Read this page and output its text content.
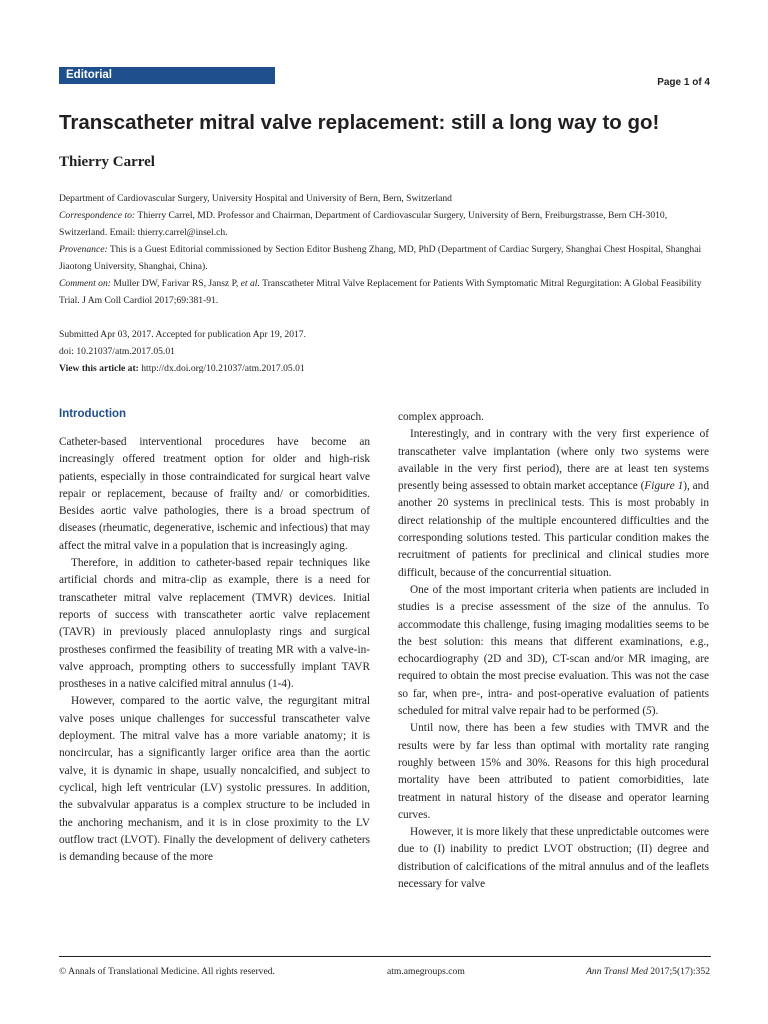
Editorial
Page 1 of 4
Transcatheter mitral valve replacement: still a long way to go!
Thierry Carrel
Department of Cardiovascular Surgery, University Hospital and University of Bern, Bern, Switzerland
Correspondence to: Thierry Carrel, MD. Professor and Chairman, Department of Cardiovascular Surgery, University of Bern, Freiburgstrasse, Bern CH-3010, Switzerland. Email: thierry.carrel@insel.ch.
Provenance: This is a Guest Editorial commissioned by Section Editor Busheng Zhang, MD, PhD (Department of Cardiac Surgery, Shanghai Chest Hospital, Shanghai Jiaotong University, Shanghai, China).
Comment on: Muller DW, Farivar RS, Jansz P, et al. Transcatheter Mitral Valve Replacement for Patients With Symptomatic Mitral Regurgitation: A Global Feasibility Trial. J Am Coll Cardiol 2017;69:381-91.
Submitted Apr 03, 2017. Accepted for publication Apr 19, 2017.
doi: 10.21037/atm.2017.05.01
View this article at: http://dx.doi.org/10.21037/atm.2017.05.01
Introduction

Catheter-based interventional procedures have become an increasingly offered treatment option for older and high-risk patients, especially in those contraindicated for surgical heart valve repair or replacement, because of frailty and/ or comorbidities. Besides aortic valve pathologies, there is a broad spectrum of diseases (rheumatic, degenerative, ischemic and infectious) that may affect the mitral valve in a population that is increasingly aging.

Therefore, in addition to catheter-based repair techniques like artificial chords and mitra-clip as example, there is a need for transcatheter mitral valve replacement (TMVR) devices. Initial reports of success with transcatheter aortic valve replacement (TAVR) in previously placed annuloplasty rings and surgical prostheses confirmed the feasibility of treating MR with a valve-in-valve approach, prompting others to successfully implant TAVR prostheses in a native calcified mitral annulus (1-4).

However, compared to the aortic valve, the regurgitant mitral valve poses unique challenges for successful transcatheter valve deployment. The mitral valve has a more variable anatomy; it is noncircular, has a significantly larger orifice area than the aortic valve, it is dynamic in shape, usually noncalcified, and subject to cyclical, high left ventricular (LV) systolic pressures. In addition, the subvalvular apparatus is a complex structure to be included in the anchoring mechanism, and it is in close proximity to the LV outflow tract (LVOT). Finally the development of delivery catheters is demanding because of the more

complex approach.

Interestingly, and in contrary with the very first experience of transcatheter valve implantation (where only two systems were available in the very first period), there are at least ten systems presently being assessed to obtain market acceptance (Figure 1), and another 20 systems in preclinical tests. This is most probably in direct relationship of the multiple encountered difficulties and the corresponding solutions tested. This particular condition makes the recruitment of patients for preclinical and clinical studies more difficult, because of the concurrential situation.

One of the most important criteria when patients are included in studies is a precise assessment of the size of the annulus. To accommodate this challenge, fusing imaging modalities seems to be the best solution: this means that different examinations, e.g., echocardiography (2D and 3D), CT-scan and/or MR imaging, are required to obtain the most precise evaluation. This was not the case so far, when pre-, intra- and post-operative evaluation of patients scheduled for mitral valve repair had to be performed (5).

Until now, there has been a few studies with TMVR and the results were by far less than optimal with mortality rate ranging roughly between 15% and 30%. Reasons for this high procedural mortality have been attributed to patient comorbidities, late treatment in natural history of the disease and operator learning curves.

However, it is more likely that these unpredictable outcomes were due to (I) inability to predict LVOT obstruction; (II) degree and distribution of calcifications of the mitral annulus and of the leaflets necessary for valve

© Annals of Translational Medicine. All rights reserved.	atm.amegroups.com	Ann Transl Med 2017;5(17):352
